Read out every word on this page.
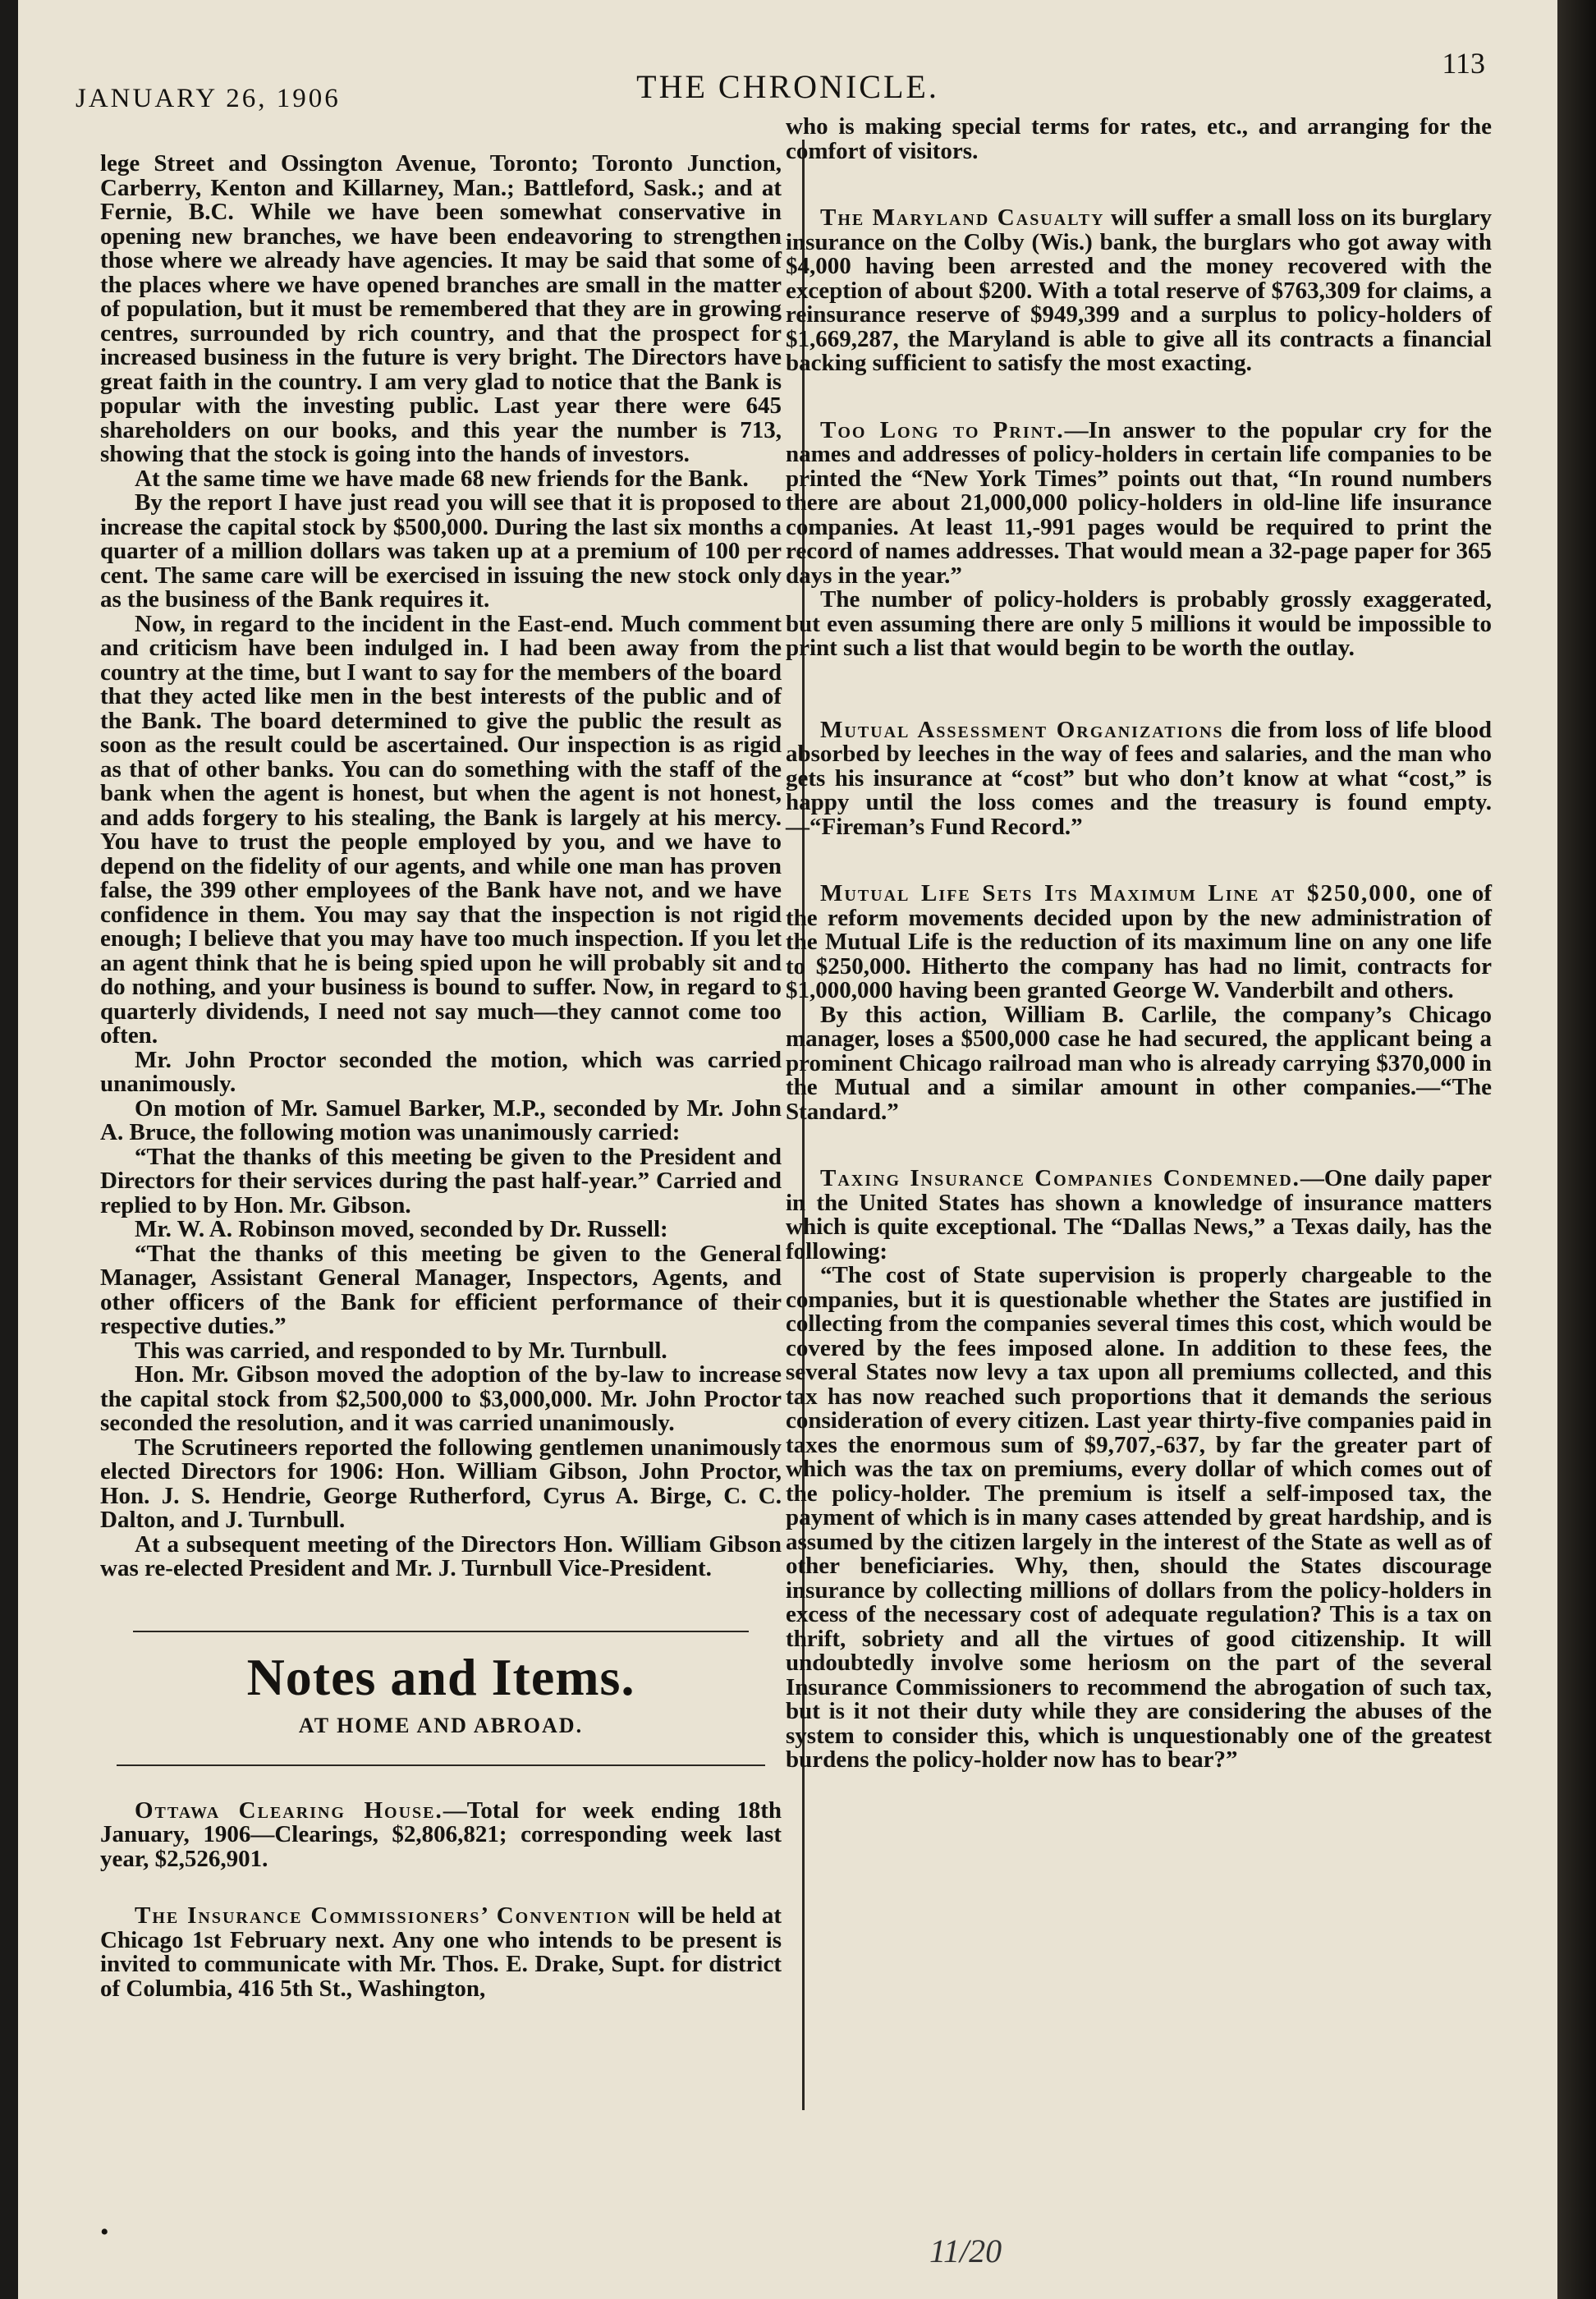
JANUARY 26, 1906	THE CHRONICLE.
113

lege Street and Ossington Avenue, Toronto; Toronto Junction, Carberry, Kenton and Killarney, Man.; Battleford, Sask.; and at Fernie, B.C. While we have been somewhat conservative in opening new branches, we have been endeavoring to strengthen those where we already have agencies. It may be said that some of the places where we have opened branches are small in the matter of population, but it must be remembered that they are in growing centres, surrounded by rich country, and that the prospect for increased business in the future is very bright. The Directors have great faith in the country. I am very glad to notice that the Bank is popular with the investing public. Last year there were 645 shareholders on our books, and this year the number is 713, showing that the stock is going into the hands of investors.

At the same time we have made 68 new friends for the Bank.

By the report I have just read you will see that it is proposed to increase the capital stock by $500,000. During the last six months a quarter of a million dollars was taken up at a premium of 100 per cent. The same care will be exercised in issuing the new stock only as the business of the Bank requires it.

Now, in regard to the incident in the East-end. Much comment and criticism have been indulged in. I had been away from the country at the time, but I want to say for the members of the board that they acted like men in the best interests of the public and of the Bank. The board determined to give the public the result as soon as the result could be ascertained. Our inspection is as rigid as that of other banks. You can do something with the staff of the bank when the agent is honest, but when the agent is not honest, and adds forgery to his stealing, the Bank is largely at his mercy. You have to trust the people employed by you, and we have to depend on the fidelity of our agents, and while one man has proven false, the 399 other employees of the Bank have not, and we have confidence in them. You may say that the inspection is not rigid enough; I believe that you may have too much inspection. If you let an agent think that he is being spied upon he will probably sit and do nothing, and your business is bound to suffer. Now, in regard to quarterly dividends, I need not say much—they cannot come too often.

Mr. John Proctor seconded the motion, which was carried unanimously.

On motion of Mr. Samuel Barker, M.P., seconded by Mr. John A. Bruce, the following motion was unanimously carried:

“That the thanks of this meeting be given to the President and Directors for their services during the past half-year.” Carried and replied to by Hon. Mr. Gibson.

Mr. W. A. Robinson moved, seconded by Dr. Russell:

“That the thanks of this meeting be given to the General Manager, Assistant General Manager, Inspectors, Agents, and other officers of the Bank for efficient performance of their respective duties.”

This was carried, and responded to by Mr. Turnbull.

Hon. Mr. Gibson moved the adoption of the by-law to increase the capital stock from $2,500,000 to $3,000,000. Mr. John Proctor seconded the resolution, and it was carried unanimously.

The Scrutineers reported the following gentlemen unanimously elected Directors for 1906: Hon. William Gibson, John Proctor, Hon. J. S. Hendrie, George Rutherford, Cyrus A. Birge, C. C. Dalton, and J. Turnbull.

At a subsequent meeting of the Directors Hon. William Gibson was re-elected President and Mr. J. Turnbull Vice-President.

Notes and Items.
AT HOME AND ABROAD.

Ottawa Clearing House.—Total for week ending 18th January, 1906—Clearings, $2,806,821; corresponding week last year, $2,526,901.

The Insurance Commissioners’ Convention will be held at Chicago 1st February next. Any one who intends to be present is invited to communicate with Mr. Thos. E. Drake, Supt. for district of Columbia, 416 5th St., Washington,

who is making special terms for rates, etc., and arranging for the comfort of visitors.

The Maryland Casualty will suffer a small loss on its burglary insurance on the Colby (Wis.) bank, the burglars who got away with $4,000 having been arrested and the money recovered with the exception of about $200. With a total reserve of $763,309 for claims, a reinsurance reserve of $949,399 and a surplus to policy-holders of $1,669,287, the Maryland is able to give all its contracts a financial backing sufficient to satisfy the most exacting.

Too Long to Print.—In answer to the popular cry for the names and addresses of policy-holders in certain life companies to be printed the “New York Times” points out that, “In round numbers there are about 21,000,000 policy-holders in old-line life insurance companies. At least 11,-991 pages would be required to print the record of names addresses. That would mean a 32-page paper for 365 days in the year.”

The number of policy-holders is probably grossly exaggerated, but even assuming there are only 5 millions it would be impossible to print such a list that would begin to be worth the outlay.

Mutual Assessment Organizations die from loss of life blood absorbed by leeches in the way of fees and salaries, and the man who gets his insurance at “cost” but who don’t know at what “cost,” is happy until the loss comes and the treasury is found empty.—“Fireman’s Fund Record.”

Mutual Life Sets Its Maximum Line at $250,000, one of the reform movements decided upon by the new administration of the Mutual Life is the reduction of its maximum line on any one life to $250,000. Hitherto the company has had no limit, contracts for $1,000,000 having been granted George W. Vanderbilt and others.

By this action, William B. Carlile, the company’s Chicago manager, loses a $500,000 case he had secured, the applicant being a prominent Chicago railroad man who is already carrying $370,000 in the Mutual and a similar amount in other companies.—“The Standard.”

Taxing Insurance Companies Condemned.—One daily paper in the United States has shown a knowledge of insurance matters which is quite exceptional. The “Dallas News,” a Texas daily, has the following:

“The cost of State supervision is properly chargeable to the companies, but it is questionable whether the States are justified in collecting from the companies several times this cost, which would be covered by the fees imposed alone. In addition to these fees, the several States now levy a tax upon all premiums collected, and this tax has now reached such proportions that it demands the serious consideration of every citizen. Last year thirty-five companies paid in taxes the enormous sum of $9,707,-637, by far the greater part of which was the tax on premiums, every dollar of which comes out of the policy-holder. The premium is itself a self-imposed tax, the payment of which is in many cases attended by great hardship, and is assumed by the citizen largely in the interest of the State as well as of other beneficiaries. Why, then, should the States discourage insurance by collecting millions of dollars from the policy-holders in excess of the necessary cost of adequate regulation? This is a tax on thrift, sobriety and all the virtues of good citizenship. It will undoubtedly involve some heriosm on the part of the several Insurance Commissioners to recommend the abrogation of such tax, but is it not their duty while they are considering the abuses of the system to consider this, which is unquestionably one of the greatest burdens the policy-holder now has to bear?”

•
11/20
